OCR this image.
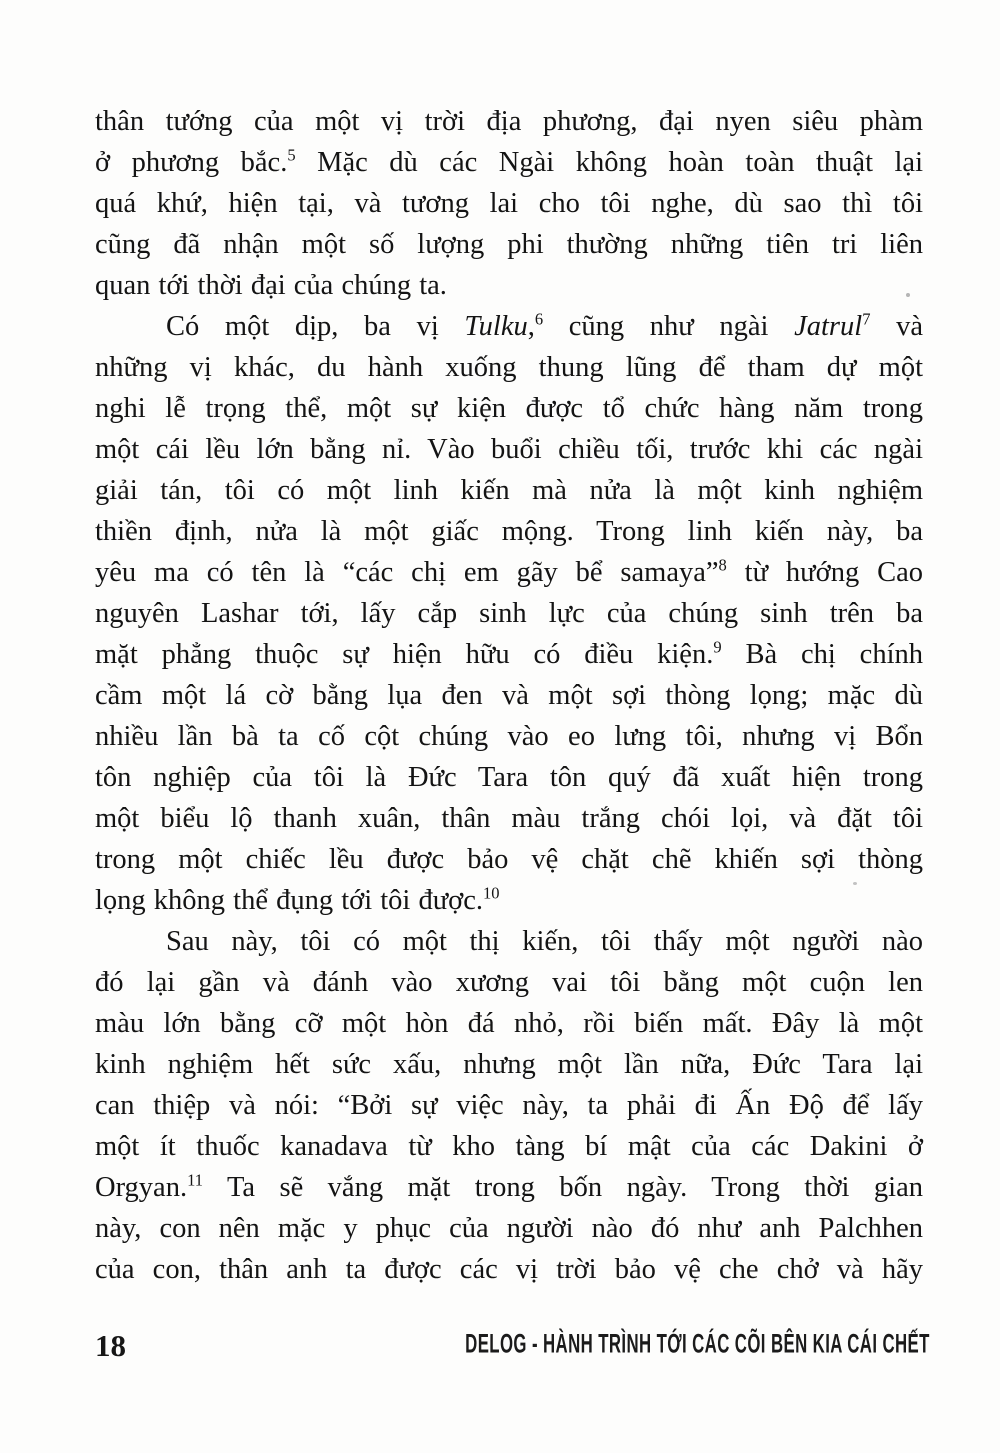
thân tướng của một vị trời địa phương, đại nyen siêu phàm
ở phương bắc.$^5$ Mặc dù các Ngài không hoàn toàn thuật lại
quá khứ, hiện tại, và tương lai cho tôi nghe, dù sao thì tôi
cũng đã nhận một số lượng phi thường những tiên tri liên
quan tới thời đại của chúng ta.
Có một dịp, ba vị Tulku,$^6$ cũng như ngài Jatrul$^7$ và
những vị khác, du hành xuống thung lũng để tham dự một
nghi lễ trọng thể, một sự kiện được tổ chức hàng năm trong
một cái lều lớn bằng nỉ. Vào buổi chiều tối, trước khi các ngài
giải tán, tôi có một linh kiến mà nửa là một kinh nghiệm
thiền định, nửa là một giấc mộng. Trong linh kiến này, ba
yêu ma có tên là “các chị em gãy bể samaya”$^8$ từ hướng Cao
nguyên Lashar tới, lấy cắp sinh lực của chúng sinh trên ba
mặt phẳng thuộc sự hiện hữu có điều kiện.$^9$ Bà chị chính
cầm một lá cờ bằng lụa đen và một sợi thòng lọng; mặc dù
nhiều lần bà ta cố cột chúng vào eo lưng tôi, nhưng vị Bổn
tôn nghiệp của tôi là Đức Tara tôn quý đã xuất hiện trong
một biểu lộ thanh xuân, thân màu trắng chói lọi, và đặt tôi
trong một chiếc lều được bảo vệ chặt chẽ khiến sợi thòng
lọng không thể đụng tới tôi được.$^{10}$
Sau này, tôi có một thị kiến, tôi thấy một người nào
đó lại gần và đánh vào xương vai tôi bằng một cuộn len
màu lớn bằng cỡ một hòn đá nhỏ, rồi biến mất. Đây là một
kinh nghiệm hết sức xấu, nhưng một lần nữa, Đức Tara lại
can thiệp và nói: “Bởi sự việc này, ta phải đi Ấn Độ để lấy
một ít thuốc kanadava từ kho tàng bí mật của các Dakini ở
Orgyan.$^{11}$ Ta sẽ vắng mặt trong bốn ngày. Trong thời gian
này, con nên mặc y phục của người nào đó như anh Palchhen
của con, thân anh ta được các vị trời bảo vệ che chở và hãy
18	DELOG - HÀNH TRÌNH TỚI CÁC CÕI BÊN KIA CÁI CHẾT
